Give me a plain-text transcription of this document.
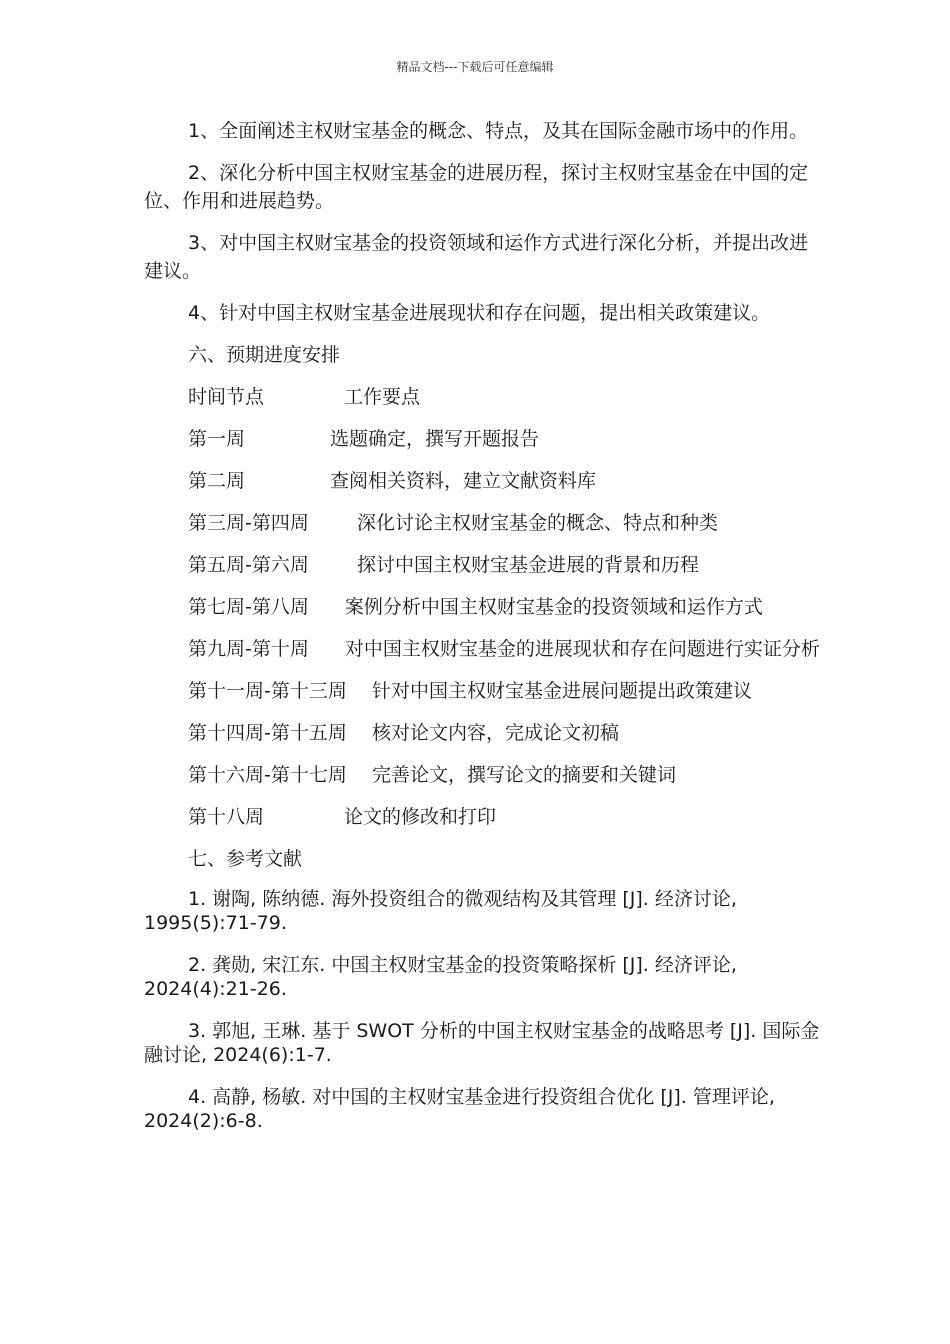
精品文档---下载后可任意编辑

1、全面阐述主权财宝基金的概念、特点，及其在国际金融市场中的作用。

2、深化分析中国主权财宝基金的进展历程，探讨主权财宝基金在中国的定位、作用和进展趋势。

3、对中国主权财宝基金的投资领域和运作方式进行深化分析，并提出改进建议。

4、针对中国主权财宝基金进展现状和存在问题，提出相关政策建议。

六、预期进度安排

时间节点	工作要点
第一周	选题确定，撰写开题报告
第二周	查阅相关资料，建立文献资料库
第三周-第四周	深化讨论主权财宝基金的概念、特点和种类
第五周-第六周	探讨中国主权财宝基金进展的背景和历程

第七周-第八周 案例分析中国主权财宝基金的投资领域和运作方式

第九周-第十周 对中国主权财宝基金的进展现状和存在问题进行实证分析

第十一周-第十三周	针对中国主权财宝基金进展问题提出政策建议
第十四周-第十五周	核对论文内容，完成论文初稿
第十六周-第十七周	完善论文，撰写论文的摘要和关键词
第十八周	论文的修改和打印

七、参考文献

1. 谢陶, 陈纳德. 海外投资组合的微观结构及其管理 [J]. 经济讨论, 1995(5):71-79.

2. 龚勋, 宋江东. 中国主权财宝基金的投资策略探析 [J]. 经济评论, 2024(4):21-26.

3. 郭旭, 王琳. 基于 SWOT 分析的中国主权财宝基金的战略思考 [J]. 国际金融讨论, 2024(6):1-7.

4. 高静, 杨敏. 对中国的主权财宝基金进行投资组合优化 [J]. 管理评论, 2024(2):6-8.
